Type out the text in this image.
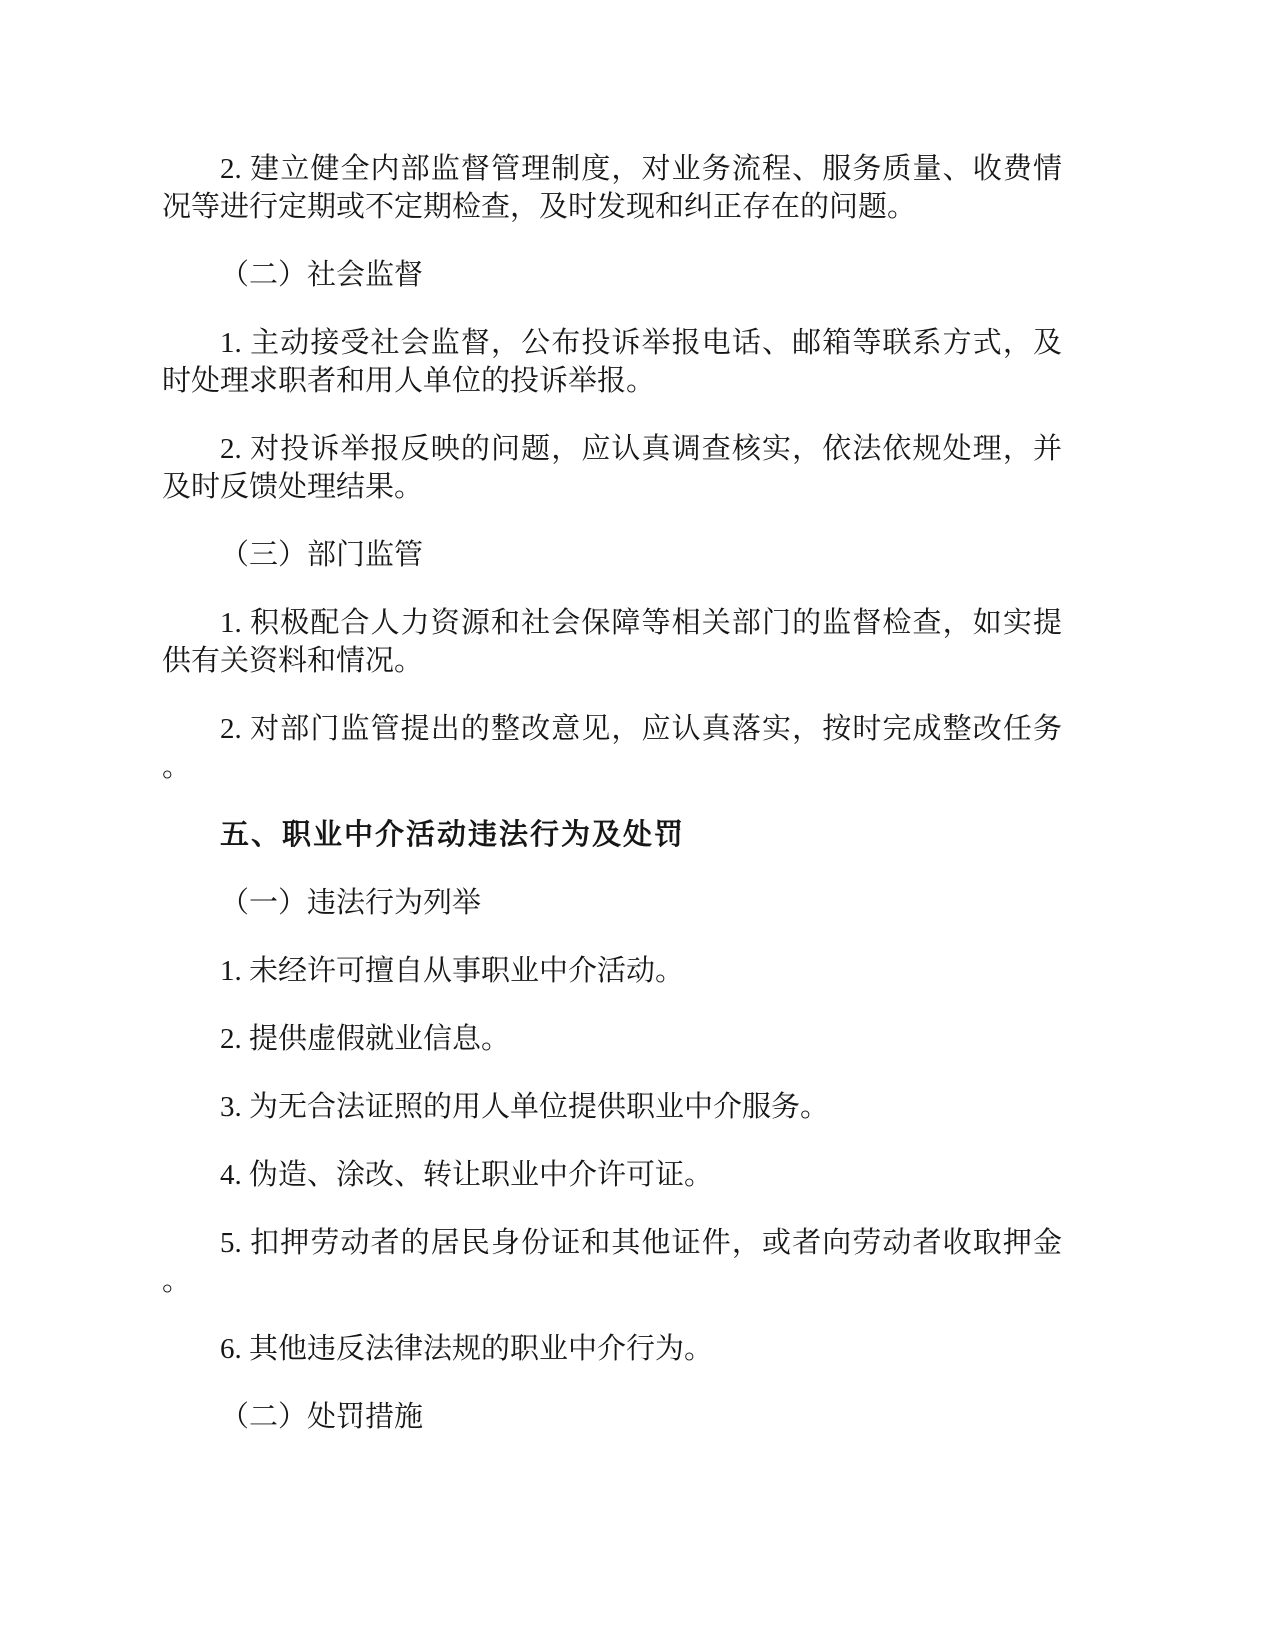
2. 建立健全内部监督管理制度，对业务流程、服务质量、收费情
况等进行定期或不定期检查，及时发现和纠正存在的问题。

（二）社会监督

1. 主动接受社会监督，公布投诉举报电话、邮箱等联系方式，及
时处理求职者和用人单位的投诉举报。

2. 对投诉举报反映的问题，应认真调查核实，依法依规处理，并
及时反馈处理结果。

（三）部门监管

1. 积极配合人力资源和社会保障等相关部门的监督检查，如实提
供有关资料和情况。

2. 对部门监管提出的整改意见，应认真落实，按时完成整改任务
。

五、职业中介活动违法行为及处罚

（一）违法行为列举

1. 未经许可擅自从事职业中介活动。

2. 提供虚假就业信息。

3. 为无合法证照的用人单位提供职业中介服务。

4. 伪造、涂改、转让职业中介许可证。

5. 扣押劳动者的居民身份证和其他证件，或者向劳动者收取押金
。

6. 其他违反法律法规的职业中介行为。

（二）处罚措施
